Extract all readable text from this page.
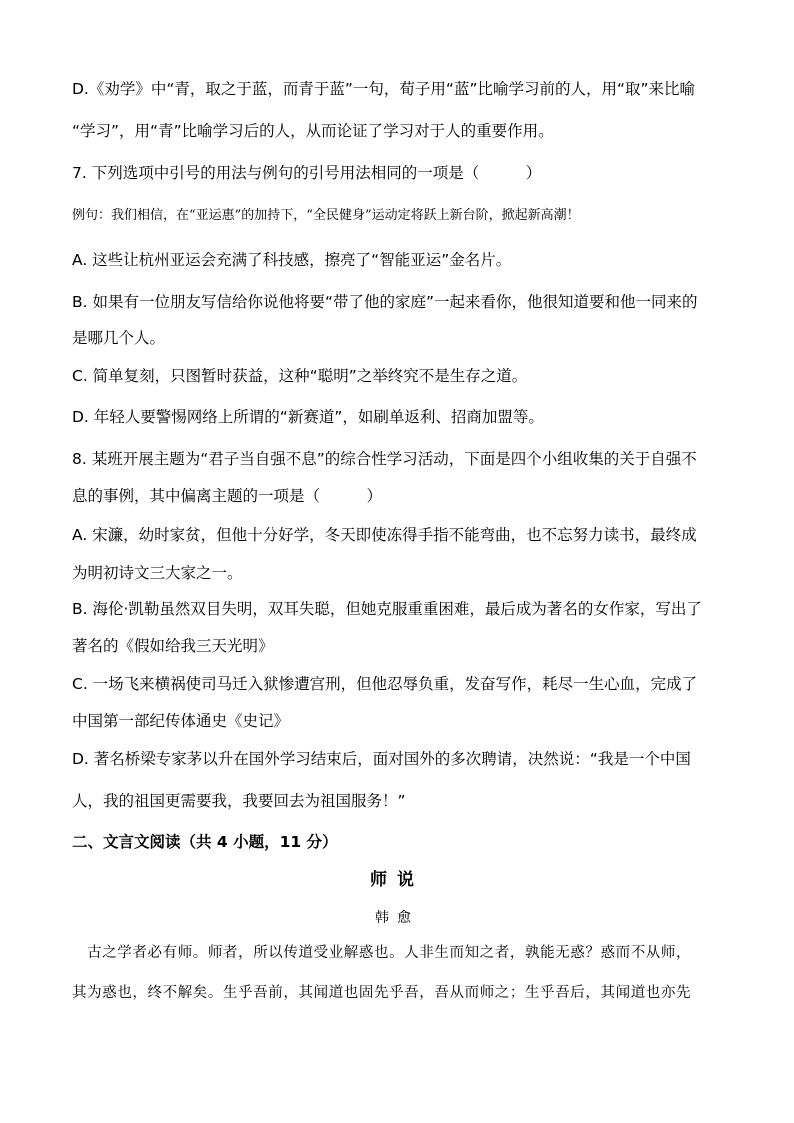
D.《劝学》中“青，取之于蓝，而青于蓝”一句，荀子用“蓝”比喻学习前的人，用“取”来比喻
“学习”，用“青”比喻学习后的人，从而论证了学习对于人的重要作用。
7. 下列选项中引号的用法与例句的引号用法相同的一项是（　　　）
例句：我们相信，在“亚运惠”的加持下，“全民健身”运动定将跃上新台阶，掀起新高潮！
A. 这些让杭州亚运会充满了科技感，擦亮了“智能亚运”金名片。
B. 如果有一位朋友写信给你说他将要“带了他的家庭”一起来看你，他很知道要和他一同来的
是哪几个人。
C. 简单复刻，只图暂时获益，这种“聪明”之举终究不是生存之道。
D. 年轻人要警惕网络上所谓的“新赛道”，如刷单返利、招商加盟等。
8. 某班开展主题为“君子当自强不息”的综合性学习活动，下面是四个小组收集的关于自强不
息的事例，其中偏离主题的一项是（　　　）
A. 宋濂，幼时家贫，但他十分好学，冬天即使冻得手指不能弯曲，也不忘努力读书，最终成
为明初诗文三大家之一。
B. 海伦·凯勒虽然双目失明，双耳失聪，但她克服重重困难，最后成为著名的女作家，写出了
著名的《假如给我三天光明》
C. 一场飞来横祸使司马迁入狱惨遭宫刑，但他忍辱负重，发奋写作，耗尽一生心血，完成了
中国第一部纪传体通史《史记》
D. 著名桥梁专家茅以升在国外学习结束后，面对国外的多次聘请，决然说：“我是一个中国
人，我的祖国更需要我，我要回去为祖国服务！”
二、文言文阅读（共 4 小题，11 分）
师说
韩愈
　古之学者必有师。师者，所以传道受业解惑也。人非生而知之者，孰能无惑？惑而不从师，
其为惑也，终不解矣。生乎吾前，其闻道也固先乎吾，吾从而师之；生乎吾后，其闻道也亦先
